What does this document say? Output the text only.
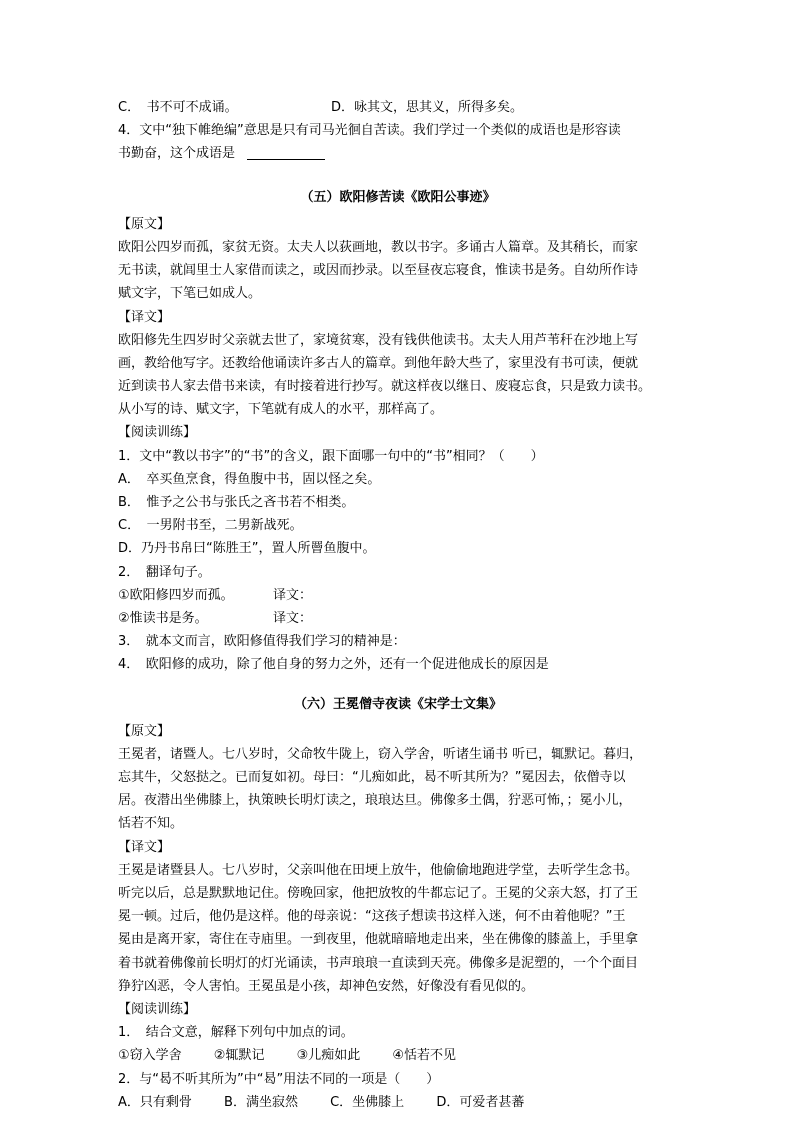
C．　书不可不成诵。	D．咏其文，思其义，所得多矣。
4．文中“独下帷绝编”意思是只有司马光徊自苦读。我们学过一个类似的成语也是形容读
书勤奋，这个成语是
（五）欧阳修苦读《欧阳公事迹》
【原文】
欧阳公四岁而孤，家贫无资。太夫人以荻画地，教以书字。多诵古人篇章。及其稍长，而家
无书读，就闾里士人家借而读之，或因而抄录。以至昼夜忘寝食，惟读书是务。自幼所作诗
赋文字，下笔已如成人。
【译文】
欧阳修先生四岁时父亲就去世了，家境贫寒，没有钱供他读书。太夫人用芦苇秆在沙地上写
画，教给他写字。还教给他诵读许多古人的篇章。到他年龄大些了，家里没有书可读，便就
近到读书人家去借书来读，有时接着进行抄写。就这样夜以继日、废寝忘食，只是致力读书。
从小写的诗、赋文字，下笔就有成人的水平，那样高了。
【阅读训练】
1．文中“教以书字”的“书”的含义，跟下面哪一句中的“书”相同？（　　）
A．　卒买鱼烹食，得鱼腹中书，固以怪之矣。
B．　惟予之公书与张氏之吝书若不相类。
C．　一男附书至，二男新战死。
D．乃丹书帛曰“陈胜王”，置人所罾鱼腹中。
2．　翻译句子。
①欧阳修四岁而孤。	译文：
②惟读书是务。	译文：
3．　就本文而言，欧阳修值得我们学习的精神是：
4．　欧阳修的成功，除了他自身的努力之外，还有一个促进他成长的原因是
（六）王冕僧寺夜读《宋学士文集》
【原文】
王冕者，诸暨人。七八岁时，父命牧牛陇上，窃入学舍，听诸生诵书 听已，辄默记。暮归，
忘其牛，父怒挞之。已而复如初。母曰：“儿痴如此，曷不听其所为？”冕因去，依僧寺以
居。夜潜出坐佛膝上，执策映长明灯读之，琅琅达旦。佛像多土偶，狞恶可怖，；冕小儿，
恬若不知。
【译文】
王冕是诸暨县人。七八岁时，父亲叫他在田埂上放牛，他偷偷地跑进学堂，去听学生念书。
听完以后，总是默默地记住。傍晚回家，他把放牧的牛都忘记了。王冕的父亲大怒，打了王
冕一顿。过后，他仍是这样。他的母亲说：“这孩子想读书这样入迷，何不由着他呢？”王
冕由是离开家，寄住在寺庙里。一到夜里，他就暗暗地走出来，坐在佛像的膝盖上，手里拿
着书就着佛像前长明灯的灯光诵读，书声琅琅一直读到天亮。佛像多是泥塑的，一个个面目
狰狞凶恶，令人害怕。王冕虽是小孩，却神色安然，好像没有看见似的。
【阅读训练】
1．　结合文意，解释下列句中加点的词。
①窃入学舍 ②辄默记 ③儿痴如此 ④恬若不见
2．与“曷不听其所为”中“曷”用法不同的一项是（　　）
A．只有剩骨 B．满坐寂然 C．坐佛膝上 D．可爱者甚蕃
